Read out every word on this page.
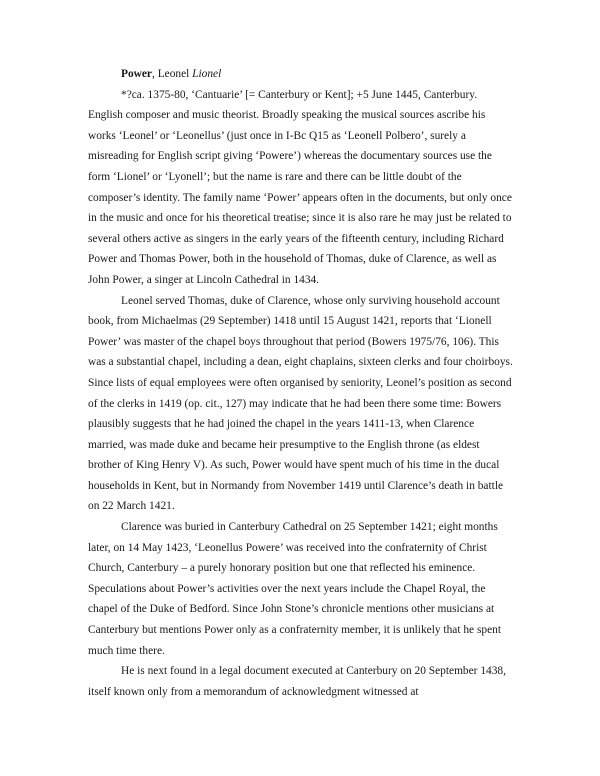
Power, Leonel Lionel

*?ca. 1375-80, ‘Cantuarie’ [= Canterbury or Kent]; +5 June 1445, Canterbury. English composer and music theorist. Broadly speaking the musical sources ascribe his works ‘Leonel’ or ‘Leonellus’ (just once in I-Bc Q15 as ‘Leonell Polbero’, surely a misreading for English script giving ‘Powere’) whereas the documentary sources use the form ‘Lionel’ or ‘Lyonell’; but the name is rare and there can be little doubt of the composer’s identity. The family name ‘Power’ appears often in the documents, but only once in the music and once for his theoretical treatise; since it is also rare he may just be related to several others active as singers in the early years of the fifteenth century, including Richard Power and Thomas Power, both in the household of Thomas, duke of Clarence, as well as John Power, a singer at Lincoln Cathedral in 1434.

Leonel served Thomas, duke of Clarence, whose only surviving household account book, from Michaelmas (29 September) 1418 until 15 August 1421, reports that ‘Lionell Power’ was master of the chapel boys throughout that period (Bowers 1975/76, 106). This was a substantial chapel, including a dean, eight chaplains, sixteen clerks and four choirboys. Since lists of equal employees were often organised by seniority, Leonel’s position as second of the clerks in 1419 (op. cit., 127) may indicate that he had been there some time: Bowers plausibly suggests that he had joined the chapel in the years 1411-13, when Clarence married, was made duke and became heir presumptive to the English throne (as eldest brother of King Henry V). As such, Power would have spent much of his time in the ducal households in Kent, but in Normandy from November 1419 until Clarence’s death in battle on 22 March 1421.

Clarence was buried in Canterbury Cathedral on 25 September 1421; eight months later, on 14 May 1423, ‘Leonellus Powere’ was received into the confraternity of Christ Church, Canterbury – a purely honorary position but one that reflected his eminence. Speculations about Power’s activities over the next years include the Chapel Royal, the chapel of the Duke of Bedford. Since John Stone’s chronicle mentions other musicians at Canterbury but mentions Power only as a confraternity member, it is unlikely that he spent much time there.

He is next found in a legal document executed at Canterbury on 20 September 1438, itself known only from a memorandum of acknowledgment witnessed at
